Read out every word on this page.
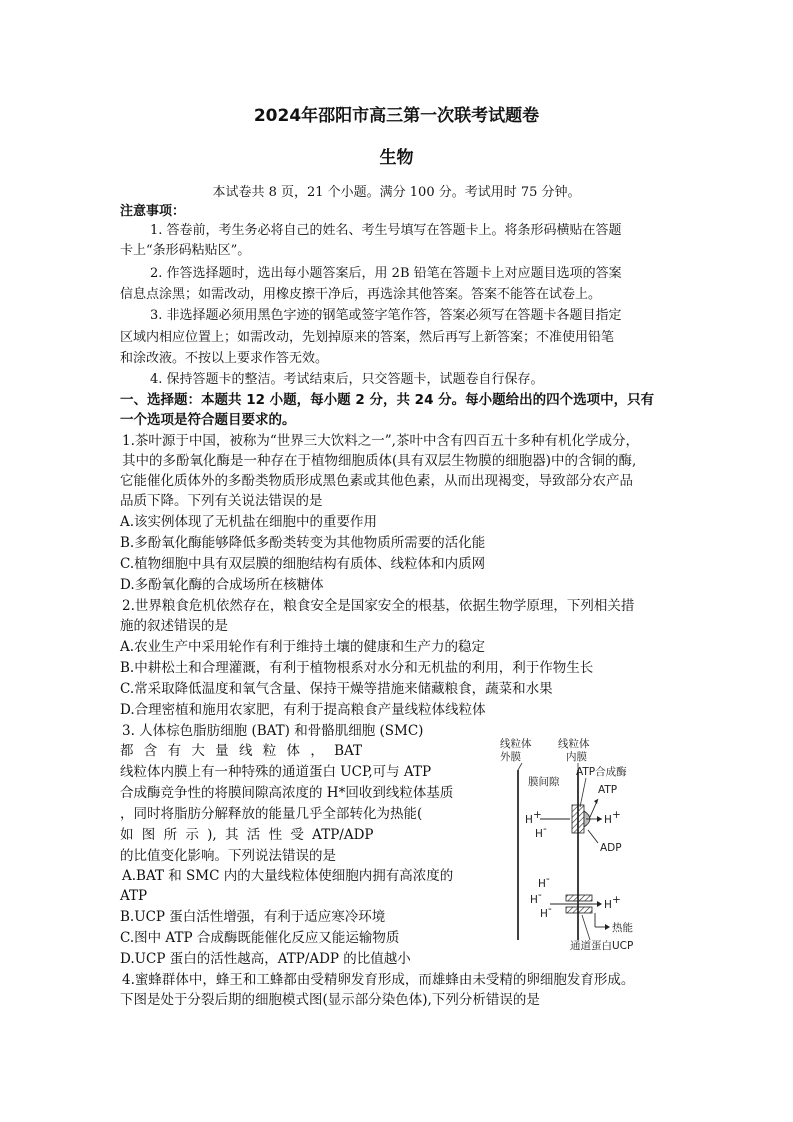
2024年邵阳市高三第一次联考试题卷
生物
本试卷共 8 页，21 个小题。满分 100 分。考试用时 75 分钟。
注意事项：
1. 答卷前，考生务必将自己的姓名、考生号填写在答题卡上。将条形码横贴在答题
卡上“条形码粘贴区”。
2. 作答选择题时，选出每小题答案后，用 2B 铅笔在答题卡上对应题目选项的答案
信息点涂黑；如需改动，用橡皮擦干净后，再选涂其他答案。答案不能答在试卷上。
3. 非选择题必须用黑色字迹的钢笔或签字笔作答，答案必须写在答题卡各题目指定
区域内相应位置上；如需改动，先划掉原来的答案，然后再写上新答案；不准使用铅笔
和涂改液。不按以上要求作答无效。
4. 保持答题卡的整洁。考试结束后，只交答题卡，试题卷自行保存。
一、选择题：本题共 12 小题，每小题 2 分，共 24 分。每小题给出的四个选项中，只有
一个选项是符合题目要求的。
1.茶叶源于中国，被称为“世界三大饮料之一”,茶叶中含有四百五十多种有机化学成分，
其中的多酚氧化酶是一种存在于植物细胞质体(具有双层生物膜的细胞器)中的含铜的酶,
它能催化质体外的多酚类物质形成黑色素或其他色素，从而出现褐变，导致部分农产品
品质下降。下列有关说法错误的是
A.该实例体现了无机盐在细胞中的重要作用
B.多酚氧化酶能够降低多酚类转变为其他物质所需要的活化能
C.植物细胞中具有双层膜的细胞结构有质体、线粒体和内质网
D.多酚氧化酶的合成场所在核糖体
2.世界粮食危机依然存在，粮食安全是国家安全的根基，依据生物学原理，下列相关措
施的叙述错误的是
A.农业生产中采用轮作有利于维持土壤的健康和生产力的稳定
B.中耕松土和合理灌溉，有利于植物根系对水分和无机盐的利用，利于作物生长
C.常采取降低温度和氧气含量、保持干燥等措施来储藏粮食，蔬菜和水果
D.合理密植和施用农家肥，有利于提高粮食产量线粒体线粒体
3. 人体棕色脂肪细胞 (BAT) 和骨骼肌细胞 (SMC)
都 含 有 大 量 线 粒 体 ， BAT
线粒体内膜上有一种特殊的通道蛋白 UCP,可与 ATP
合成酶竞争性的将膜间隙高浓度的 H*回收到线粒体基质
，同时将脂肪分解释放的能量几乎全部转化为热能(
如 图 所 示 ), 其 活 性 受 ATP/ADP
的比值变化影响。下列说法错误的是
A.BAT 和 SMC 内的大量线粒体使细胞内拥有高浓度的
ATP
B.UCP 蛋白活性增强，有利于适应寒冷环境
C.图中 ATP 合成酶既能催化反应又能运输物质
D.UCP 蛋白的活性越高，ATP/ADP 的比值越小
线粒体
外膜
线粒体
内膜
膜间隙
ATP合成酶
ATP
ADP
H +
H -
H +
H -
H -
H -	H +
热能
通道蛋白UCP
4.蜜蜂群体中，蜂王和工蜂都由受精卵发育形成，而雄蜂由未受精的卵细胞发育形成。
下图是处于分裂后期的细胞模式图(显示部分染色体),下列分析错误的是
